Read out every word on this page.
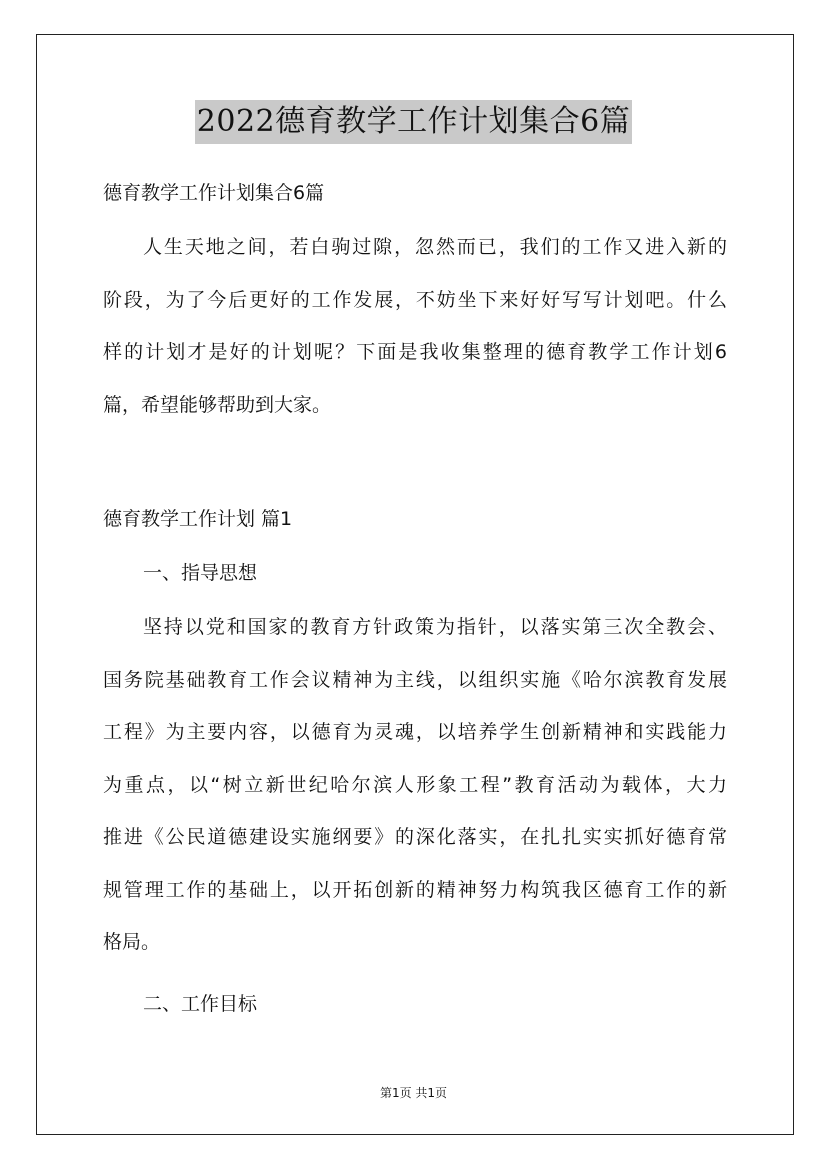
2022德育教学工作计划集合6篇
德育教学工作计划集合6篇
人生天地之间，若白驹过隙，忽然而已，我们的工作又进入新的
阶段，为了今后更好的工作发展，不妨坐下来好好写写计划吧。什么
样的计划才是好的计划呢？下面是我收集整理的德育教学工作计划6
篇，希望能够帮助到大家。
德育教学工作计划 篇1
一、指导思想
坚持以党和国家的教育方针政策为指针，以落实第三次全教会、
国务院基础教育工作会议精神为主线，以组织实施《哈尔滨教育发展
工程》为主要内容，以德育为灵魂，以培养学生创新精神和实践能力
为重点，以“树立新世纪哈尔滨人形象工程”教育活动为载体，大力
推进《公民道德建设实施纲要》的深化落实，在扎扎实实抓好德育常
规管理工作的基础上，以开拓创新的精神努力构筑我区德育工作的新
格局。
二、工作目标
第1页 共1页
